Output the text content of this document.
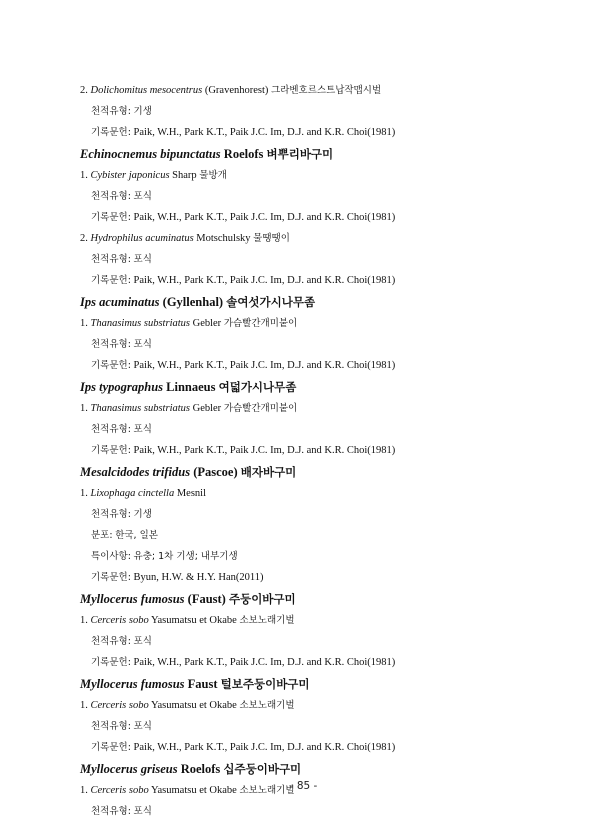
2. Dolichomitus mesocentrus (Gravenhorest) 그라벤호르스트납작맵시벌
천적유형: 기생
기록문헌: Paik, W.H., Park K.T., Paik J.C. Im, D.J. and K.R. Choi(1981)
Echinocnemus bipunctatus Roelofs 벼뿌리바구미
1. Cybister japonicus Sharp 물방개
천적유형: 포식
기록문헌: Paik, W.H., Park K.T., Paik J.C. Im, D.J. and K.R. Choi(1981)
2. Hydrophilus acuminatus Motschulsky 물땡땡이
천적유형: 포식
기록문헌: Paik, W.H., Park K.T., Paik J.C. Im, D.J. and K.R. Choi(1981)
Ips acuminatus (Gyllenhal) 솔여섯가시나무좀
1. Thanasimus substriatus Gebler 가슴빨간개미붙이
천적유형: 포식
기록문헌: Paik, W.H., Park K.T., Paik J.C. Im, D.J. and K.R. Choi(1981)
Ips typographus Linnaeus 여덟가시나무좀
1. Thanasimus substriatus Gebler 가슴빨간개미붙이
천적유형: 포식
기록문헌: Paik, W.H., Park K.T., Paik J.C. Im, D.J. and K.R. Choi(1981)
Mesalcidodes trifidus (Pascoe) 배자바구미
1. Lixophaga cinctella Mesnil
천적유형: 기생
분포: 한국, 일본
특이사항: 유충; 1차 기생; 내부기생
기록문헌: Byun, H.W. & H.Y. Han(2011)
Myllocerus fumosus (Faust) 주둥이바구미
1. Cerceris sobo Yasumatsu et Okabe 소보노래기벌
천적유형: 포식
기록문헌: Paik, W.H., Park K.T., Paik J.C. Im, D.J. and K.R. Choi(1981)
Myllocerus fumosus Faust 털보주둥이바구미
1. Cerceris sobo Yasumatsu et Okabe 소보노래기벌
천적유형: 포식
기록문헌: Paik, W.H., Park K.T., Paik J.C. Im, D.J. and K.R. Choi(1981)
Myllocerus griseus Roelofs 십주둥이바구미
1. Cerceris sobo Yasumatsu et Okabe 소보노래기벌
천적유형: 포식
- 85 -
